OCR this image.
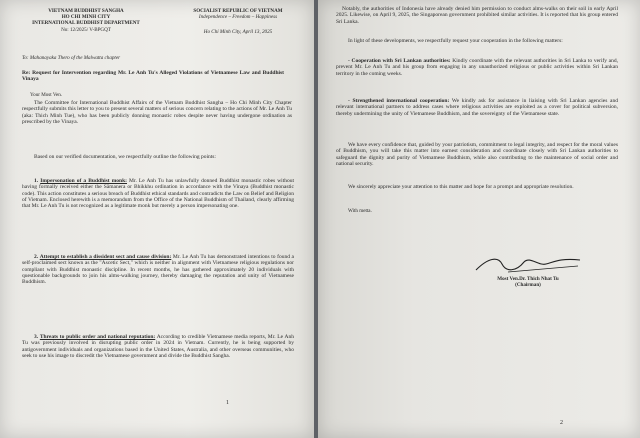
VIETNAM BUDDHIST SANGHA
HO CHI MINH CITY
INTERNATIONAL BUDDHIST DEPARTMENT
No: 12/2025/ V-BPGQT
SOCIALIST REPUBLIC OF VIETNAM
Independence – Freedom – Happiness
Ho Chi Minh City, April 13, 2025
To: Mahanayaka Thero of the Malwatta chapter
Re: Request for Intervention regarding Mr. Le Anh Tu's Alleged Violations of Vietnamese Law and Buddhist Vinaya
Your Most Ven.
The Committee for International Buddhist Affairs of the Vietnam Buddhist Sangha – Ho Chi Minh City Chapter respectfully submits this letter to you to present several matters of serious concern relating to the actions of Mr. Le Anh Tu (aka: Thich Minh Tue), who has been publicly donning monastic robes despite never having undergone ordination as prescribed by the Vinaya.
Based on our verified documentation, we respectfully outline the following points:
1. Impersonation of a Buddhist monk: Mr. Le Anh Tu has unlawfully donned Buddhist monastic robes without having formally received either the Sāmanera or Bhikkhu ordination in accordance with the Vinaya (Buddhist monastic code). This action constitutes a serious breach of Buddhist ethical standards and contradicts the Law on Belief and Religion of Vietnam. Enclosed herewith is a memorandum from the Office of the National Buddhism of Thailand, clearly affirming that Mr. Le Anh Tu is not recognized as a legitimate monk but merely a person impersonating one.
2. Attempt to establish a dissident sect and cause division: Mr. Le Anh Tu has demonstrated intentions to found a self-proclaimed sect known as the "Ascetic Sect," which is neither in alignment with Vietnamese religious regulations nor compliant with Buddhist monastic discipline. In recent months, he has gathered approximately 20 individuals with questionable backgrounds to join his alms-walking journey, thereby damaging the reputation and unity of Vietnamese Buddhism.
3. Threats to public order and national reputation: According to credible Vietnamese media reports, Mr. Le Anh Tu was previously involved in disrupting public order in 2024 in Vietnam. Currently, he is being supported by antigovernment individuals and organizations based in the United States, Australia, and other overseas communities, who seek to use his image to discredit the Vietnamese government and divide the Buddhist Sangha.
1
Notably, the authorities of Indonesia have already denied him permission to conduct alms-walks on their soil in early April 2025. Likewise, on April 9, 2025, the Singaporean government prohibited similar activities. It is reported that his group entered Sri Lanka.
In light of these developments, we respectfully request your cooperation in the following matters:
- Cooperation with Sri Lankan authorities: Kindly coordinate with the relevant authorities in Sri Lanka to verify and, prevent Mr. Le Anh Tu and his group from engaging in any unauthorized religious or public activities within Sri Lankan territory in the coming weeks.
- Strengthened international cooperation: We kindly ask for assistance in liaising with Sri Lankan agencies and relevant international partners to address cases where religious activities are exploited as a cover for political subversion, thereby undermining the unity of Vietnamese Buddhism, and the sovereignty of the Vietnamese state.
We have every confidence that, guided by your patriotism, commitment to legal integrity, and respect for the moral values of Buddhism, you will take this matter into earnest consideration and coordinate closely with Sri Lankan authorities to safeguard the dignity and purity of Vietnamese Buddhism, while also contributing to the maintenance of social order and national security.
We sincerely appreciate your attention to this matter and hope for a prompt and appropriate resolution.
With metta.
Most Ven.Dr. Thich Nhat Tu
(Chairman)
2
